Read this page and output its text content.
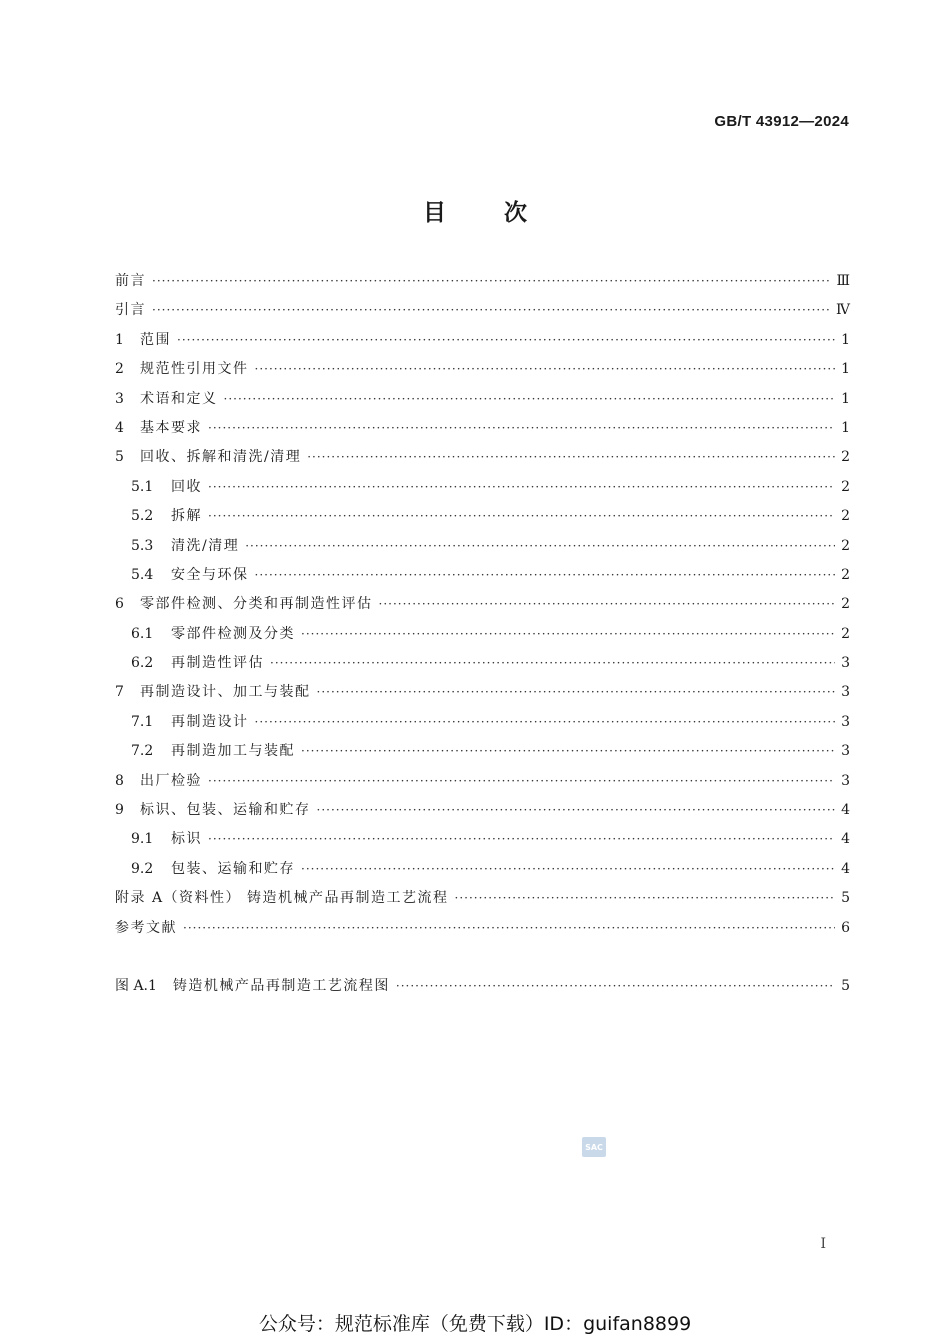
GB/T 43912—2024
目次
前言 ·····	Ⅲ
引言 ·····	Ⅳ
1	范围 ·····	1
2	规范性引用文件 ·····	1
3	术语和定义 ·····	1
4	基本要求 ·····	1
5	回收、拆解和清洗/清理 ·····	2
5.1	回收 ·····	2
5.2	拆解 ·····	2
5.3	清洗/清理 ·····	2
5.4	安全与环保 ·····	2
6	零部件检测、分类和再制造性评估 ·····	2
6.1	零部件检测及分类 ·····	2
6.2	再制造性评估 ·····	3
7	再制造设计、加工与装配 ·····	3
7.1	再制造设计 ·····	3
7.2	再制造加工与装配 ·····	3
8	出厂检验 ·····	3
9	标识、包装、运输和贮存 ·····	4
9.1	标识 ·····	4
9.2	包装、运输和贮存 ·····	4
附录 A（资料性） 铸造机械产品再制造工艺流程 ·····	5
参考文献 ·····	6
图 A.1 铸造机械产品再制造工艺流程图 ·····	5
SAC
I
公众号：规范标准库（免费下载）ID：guifan8899
